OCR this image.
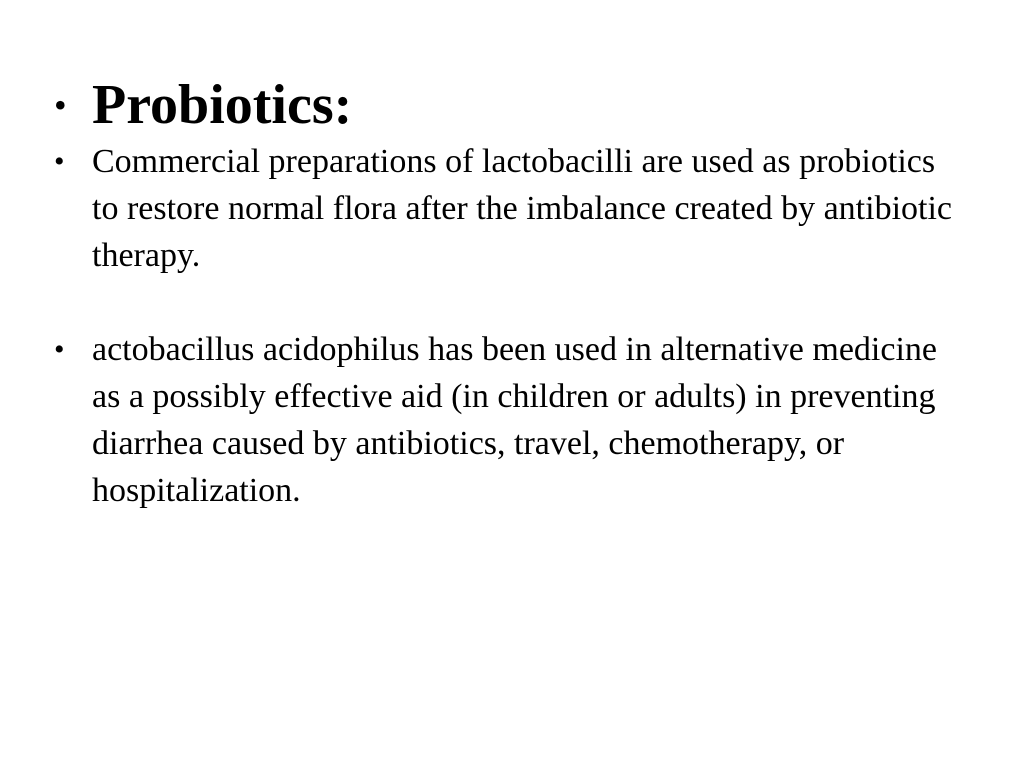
• Probiotics:
• Commercial preparations of lactobacilli are used as probiotics to restore normal flora after the imbalance created by antibiotic therapy.
• actobacillus acidophilus has been used in alternative medicine as a possibly effective aid (in children or adults) in preventing diarrhea caused by antibiotics, travel, chemotherapy, or hospitalization.
